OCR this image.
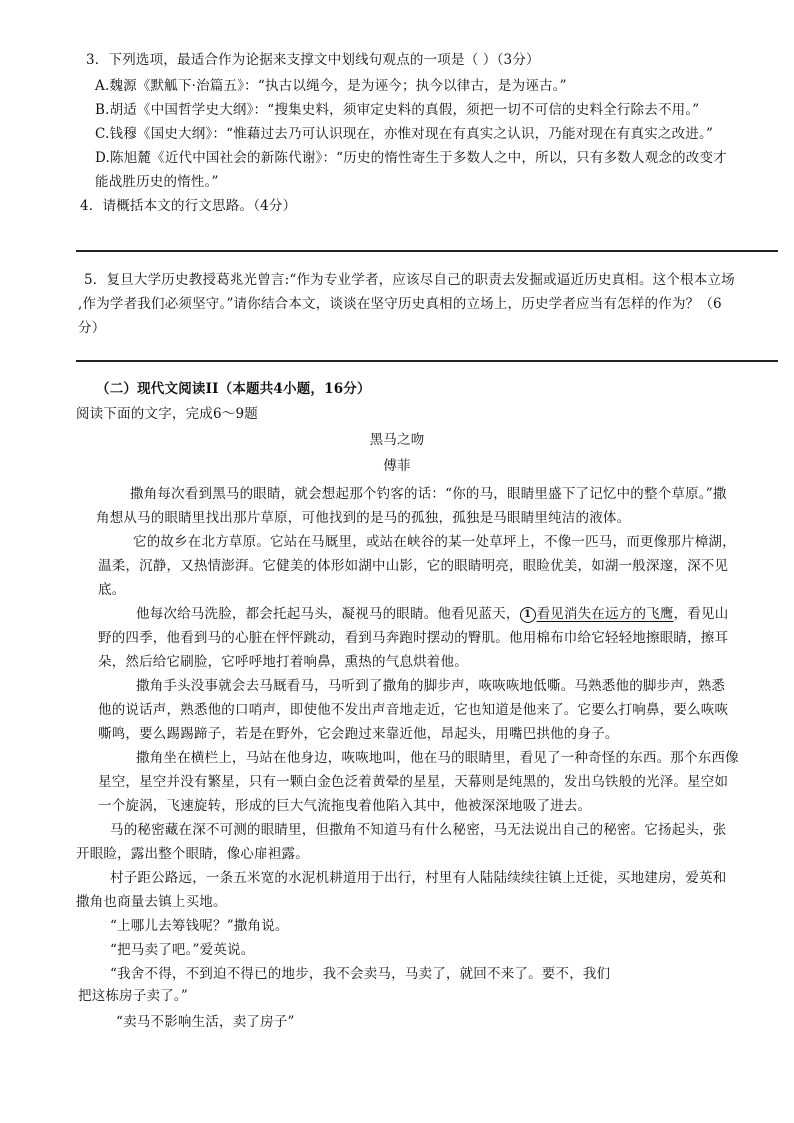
3．下列选项，最适合作为论据来支撑文中划线句观点的一项是（ ）（3分）
A.魏源《默觚下·治篇五》：“执古以绳今，是为诬今；执今以律古，是为诬古。”
B.胡适《中国哲学史大纲》：“搜集史料，须审定史料的真假，须把一切不可信的史料全行除去不用。”
C.钱穆《国史大纲》：“惟藉过去乃可认识现在，亦惟对现在有真实之认识，乃能对现在有真实之改进。”
D.陈旭麓《近代中国社会的新陈代谢》：“历史的惰性寄生于多数人之中，所以，只有多数人观念的改变才
能战胜历史的惰性。”
4．请概括本文的行文思路。（4分）
5．复旦大学历史教授葛兆光曾言:“作为专业学者，应该尽自己的职责去发掘或逼近历史真相。这个根本立场
,作为学者我们必须坚守。”请你结合本文，谈谈在坚守历史真相的立场上，历史学者应当有怎样的作为？（6
分）
（二）现代文阅读II（本题共4小题，16分）
阅读下面的文字，完成6～9题
黑马之吻
傅菲
撒角每次看到黑马的眼睛，就会想起那个钓客的话：“你的马，眼睛里盛下了记忆中的整个草原。”撒
角想从马的眼睛里找出那片草原，可他找到的是马的孤独，孤独是马眼睛里纯洁的液体。
它的故乡在北方草原。它站在马厩里，或站在峡谷的某一处草坪上，不像一匹马，而更像那片樟湖，
温柔，沉静，又热情澎湃。它健美的体形如湖中山影，它的眼睛明亮，眼睑优美，如湖一般深邃，深不见
底。
他每次给马洗脸，都会托起马头，凝视马的眼睛。他看见蓝天， 1 看见消失在远方的飞鹰，看见山
野的四季，他看到马的心脏在怦怦跳动，看到马奔跑时摆动的臀肌。他用棉布巾给它轻轻地擦眼睛，擦耳
朵，然后给它刷脸，它呼呼地打着响鼻，熏热的气息烘着他。
撒角手头没事就会去马厩看马，马听到了撒角的脚步声，咴咴咴地低嘶。马熟悉他的脚步声，熟悉
他的说话声，熟悉他的口哨声，即使他不发出声音地走近，它也知道是他来了。它要么打响鼻，要么咴咴
嘶鸣，要么踢踢蹄子，若是在野外，它会跑过来靠近他，昂起头，用嘴巴拱他的身子。
撒角坐在横栏上，马站在他身边，咴咴地叫，他在马的眼睛里，看见了一种奇怪的东西。那个东西像
星空，星空并没有繁星，只有一颗白金色泛着黄晕的星星，天幕则是纯黑的，发出乌铁般的光泽。星空如
一个旋涡，飞速旋转，形成的巨大气流拖曳着他陷入其中，他被深深地吸了进去。
马的秘密藏在深不可测的眼睛里，但撒角不知道马有什么秘密，马无法说出自己的秘密。它扬起头，张
开眼睑，露出整个眼睛，像心扉袒露。
村子距公路远，一条五米宽的水泥机耕道用于出行，村里有人陆陆续续往镇上迁徙，买地建房，爱英和
撒角也商量去镇上买地。
“上哪儿去筹钱呢？”撒角说。
“把马卖了吧。”爱英说。
“我舍不得，不到迫不得已的地步，我不会卖马，马卖了，就回不来了。要不，我们
把这栋房子卖了。”
“卖马不影响生活，卖了房子”
